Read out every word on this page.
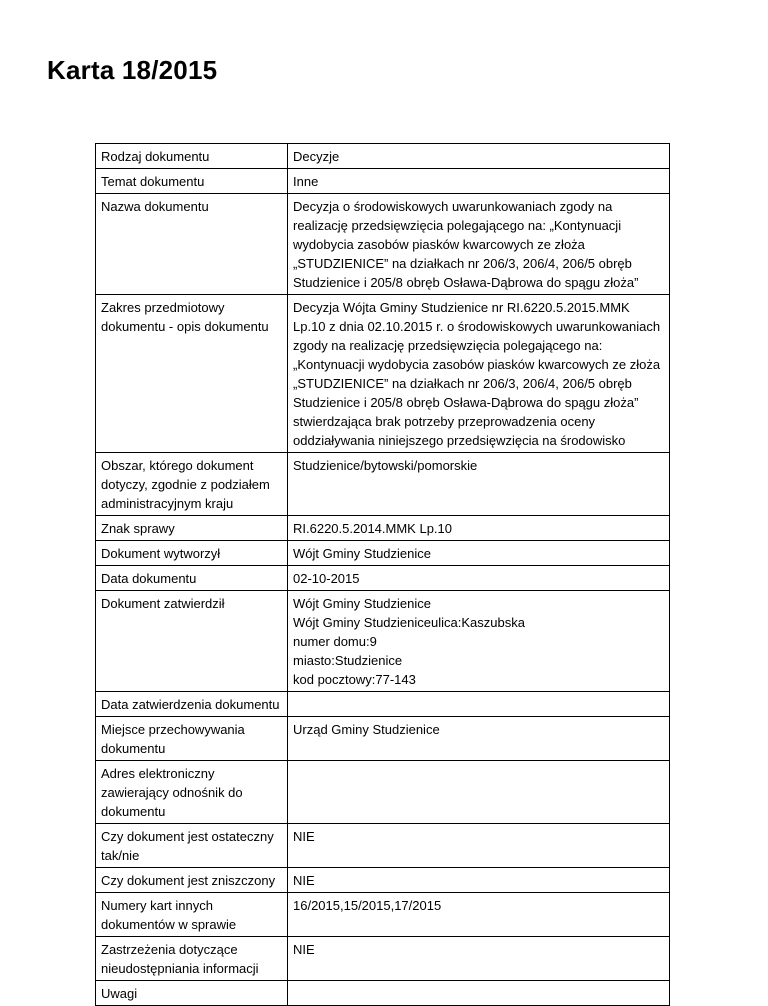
Karta 18/2015
Rodzaj dokumentu	Decyzje
Temat dokumentu	Inne
Nazwa dokumentu	Decyzja o środowiskowych uwarunkowaniach zgody na realizację przedsięwzięcia polegającego na: „Kontynuacji wydobycia zasobów piasków kwarcowych ze złoża „STUDZIENICE” na działkach nr 206/3, 206/4, 206/5 obręb Studzienice i 205/8 obręb Osława-Dąbrowa do spągu złoża”
Zakres przedmiotowy dokumentu - opis dokumentu	Decyzja Wójta Gminy Studzienice nr RI.6220.5.2015.MMK Lp.10 z dnia 02.10.2015 r. o środowiskowych uwarunkowaniach zgody na realizację przedsięwzięcia polegającego na: „Kontynuacji wydobycia zasobów piasków kwarcowych ze złoża „STUDZIENICE” na działkach nr 206/3, 206/4, 206/5 obręb Studzienice i 205/8 obręb Osława-Dąbrowa do spągu złoża” stwierdzająca brak potrzeby przeprowadzenia oceny oddziaływania niniejszego przedsięwzięcia na środowisko
Obszar, którego dokument dotyczy, zgodnie z podziałem administracyjnym kraju	Studzienice/bytowski/pomorskie
Znak sprawy	RI.6220.5.2014.MMK Lp.10
Dokument wytworzył	Wójt Gminy Studzienice
Data dokumentu	02-10-2015
Dokument zatwierdził	Wójt Gminy Studzienice
Wójt Gminy Studzieniceulica:Kaszubska
numer domu:9
miasto:Studzienice
kod pocztowy:77-143
Data zatwierdzenia dokumentu	
Miejsce przechowywania dokumentu	Urząd Gminy Studzienice
Adres elektroniczny zawierający odnośnik do dokumentu	
Czy dokument jest ostateczny tak/nie	NIE
Czy dokument jest zniszczony	NIE
Numery kart innych dokumentów w sprawie	16/2015,15/2015,17/2015
Zastrzeżenia dotyczące nieudostępniania informacji	NIE
Uwagi	
